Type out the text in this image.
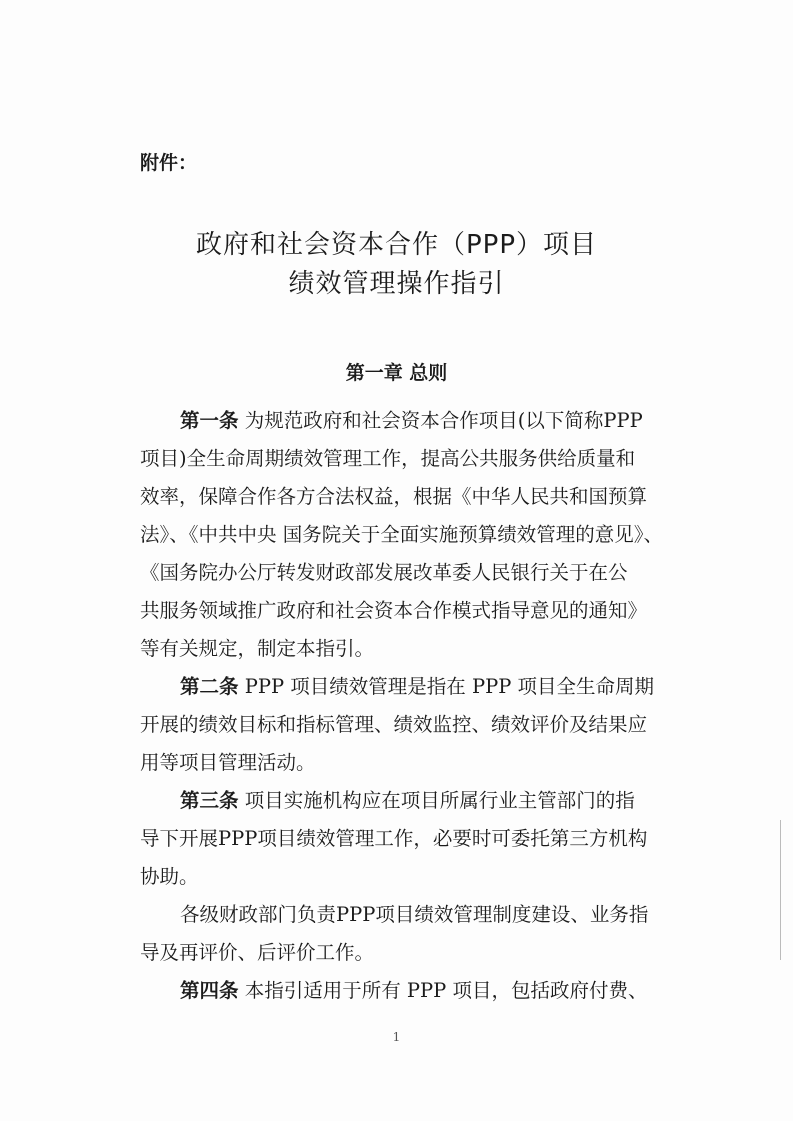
附件：
政府和社会资本合作（PPP）项目
绩效管理操作指引
第一章 总则
第一条 为规范政府和社会资本合作项目(以下简称PPP
项目)全生命周期绩效管理工作，提高公共服务供给质量和
效率，保障合作各方合法权益，根据《中华人民共和国预算
法》、《中共中央 国务院关于全面实施预算绩效管理的意见》、
《国务院办公厅转发财政部发展改革委人民银行关于在公
共服务领域推广政府和社会资本合作模式指导意见的通知》
等有关规定，制定本指引。
第二条 PPP 项目绩效管理是指在 PPP 项目全生命周期
开展的绩效目标和指标管理、绩效监控、绩效评价及结果应
用等项目管理活动。
第三条 项目实施机构应在项目所属行业主管部门的指
导下开展PPP项目绩效管理工作，必要时可委托第三方机构
协助。
各级财政部门负责PPP项目绩效管理制度建设、业务指
导及再评价、后评价工作。
第四条 本指引适用于所有 PPP 项目，包括政府付费、
1
